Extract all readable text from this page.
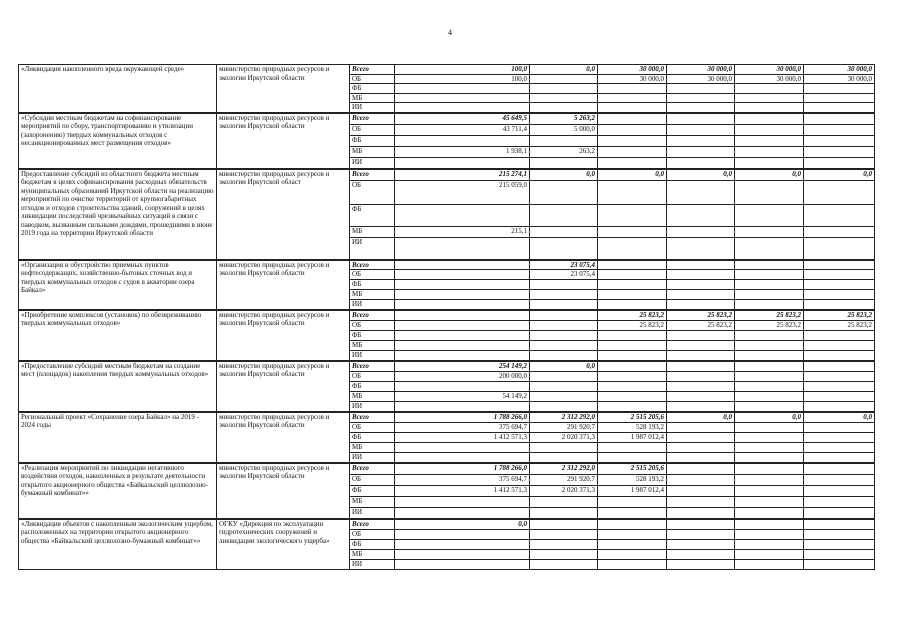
4
«Ликвидация накопленного вреда окружающей среде»	министерство природных ресурсов и экологии Иркутской области	Всего	100,0	0,0	30 000,0	30 000,0	30 000,0	30 000,0
		ОБ	100,0		30 000,0	30 000,0	30 000,0	30 000,0
		ФБ						
		МБ						
		ИИ						

«Субсидии местным бюджетам на софинансирование мероприятий по сбору, транспортированию и утилизации (захоронению) твердых коммунальных отходов с несанкционированных мест размещения отходов»	министерство природных ресурсов и экологии Иркутской области	Всего	45 649,5	5 263,2				
		ОБ	43 711,4	5 000,0				
		ФБ						
		МБ	1 938,1	263,2				
		ИИ						

Предоставление субсидий из областного бюджета местным бюджетам в целях софинансирования расходных обязательств муниципальных образований Иркутской области на реализацию мероприятий по очистке территорий от крупногабаритных отходов и отходов строительства зданий, сооружений в целях ликвидации последствий чрезвычайных ситуаций в связи с паводком, вызванным сильными дождями, прошедшими в июне 2019 года на территории Иркутской области	министерство природных ресурсов и экологии Иркутской област	Всего	215 274,1	0,0	0,0	0,0	0,0	0,0
		ОБ	215 059,0					
		ФБ						
		МБ	215,1					
		ИИ						

«Организация и обустройство приемных пунктов нефтесодержащих, хозяйственно-бытовых сточных вод и твердых коммунальных отходов с судов в акватории озера Байкал»	министерство природных ресурсов и экологии Иркутской области	Всего		23 075,4				
		ОБ		23 075,4				
		ФБ						
		МБ						
		ИИ						

«Приобретение комплексов (установок) по обезвреживанию твердых коммунальных отходов»	министерство природных ресурсов и экологии Иркутской области	Всего			25 823,2	25 823,2	25 823,2	25 823,2
		ОБ			25 823,2	25 823,2	25 823,2	25 823,2
		ФБ						
		МБ						
		ИИ						

«Предоставление субсидий местным бюджетам на создание мест (площадок) накопления твердых коммунальных отходов»	министерство природных ресурсов и экологии Иркутской области	Всего	254 149,2	0,0				
		ОБ	200 000,0					
		ФБ						
		МБ	54 149,2					
		ИИ						

Региональный проект «Сохранение озера Байкал» на 2019 - 2024 годы	министерство природных ресурсов и экологии Иркутской области	Всего	1 788 266,0	2 312 292,0	2 515 205,6	0,0	0,0	0,0
		ОБ	375 694,7	291 920,7	528 193,2			
		ФБ	1 412 571,3	2 020 371,3	1 987 012,4			
		МБ						
		ИИ						

«Реализация мероприятий по ликвидации негативного воздействия отходов, накопленных в результате деятельности открытого акционерного общества «Байкальский целлюлозно-бумажный комбинат»»	министерство природных ресурсов и экологии Иркутской области	Всего	1 788 266,0	2 312 292,0	2 515 205,6			
		ОБ	375 694,7	291 920,7	528 193,2			
		ФБ	1 412 571,3	2 020 371,3	1 987 012,4			
		МБ						
		ИИ						

«Ликвидация объектов с накопленным экологическим ущербом, расположенных на территории открытого акционерного общества «Байкальский целлюлозно-бумажный комбинат»»	ОГКУ «Дирекция по эксплуатации гидротехнических сооружений и ликвидации экологического ущерба»	Всего	0,0					
		ОБ						
		ФБ						
		МБ						
		ИИ						
